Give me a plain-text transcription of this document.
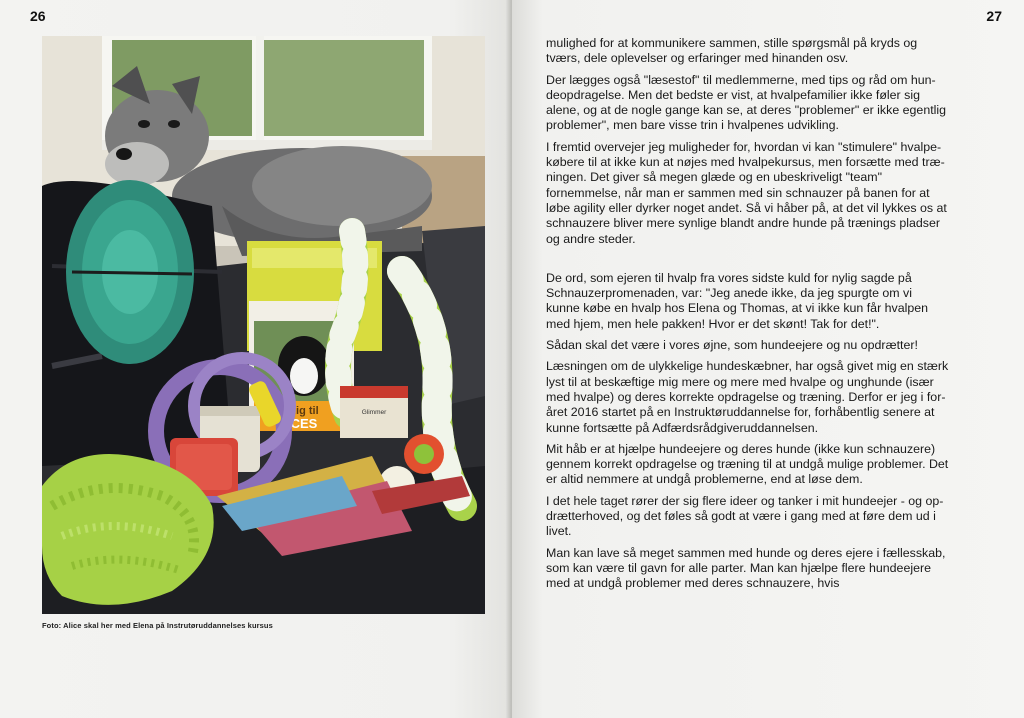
26
dig til
CES
Glimmer
Foto: Alice skal her med Elena på Instrutøruddannelses kursus
27

mulighed for at kommunikere sammen, stille spørgsmål på kryds og
tværs, dele oplevelser og erfaringer med hinanden osv.

Der lægges også "læsestof" til medlemmerne, med tips og råd om hun-
deopdragelse. Men det bedste er vist, at hvalpefamilier ikke føler sig
alene, og at de nogle gange kan se, at deres "problemer" er ikke egentlig
problemer", men bare visse trin i hvalpenes udvikling.

I fremtid overvejer jeg muligheder for, hvordan vi kan "stimulere" hvalpe-
købere til at ikke kun at nøjes med hvalpekursus, men forsætte med træ-
ningen. Det giver så megen glæde og en ubeskriveligt "team"
fornemmelse, når man er sammen med sin schnauzer på banen for at
løbe agility eller dyrker noget andet. Så vi håber på, at det vil lykkes os at
schnauzere bliver mere synlige blandt andre hunde på trænings pladser
og andre steder.

De ord, som ejeren til hvalp fra vores sidste kuld for nylig sagde på
Schnauzerpromenaden, var: "Jeg anede ikke, da jeg spurgte om vi
kunne købe en hvalp hos Elena og Thomas, at vi ikke kun får hvalpen
med hjem, men hele pakken! Hvor er det skønt! Tak for det!".

Sådan skal det være i vores øjne, som hundeejere og nu opdrætter!

Læsningen om de ulykkelige hundeskæbner, har også givet mig en stærk
lyst til at beskæftige mig mere og mere med hvalpe og unghunde (især
med hvalpe) og deres korrekte opdragelse og træning. Derfor er jeg i for-
året 2016 startet på en Instruktøruddannelse for, forhåbentlig senere at
kunne fortsætte på Adfærdsrådgiveruddannelsen.

Mit håb er at hjælpe hundeejere og deres hunde (ikke kun schnauzere)
gennem korrekt opdragelse og træning til at undgå mulige problemer. Det
er altid nemmere at undgå problemerne, end at løse dem.

I det hele taget rører der sig flere ideer og tanker i mit hundeejer - og op-
drætterhoved, og det føles så godt at være i gang med at føre dem ud i
livet.

Man kan lave så meget sammen med hunde og deres ejere i fællesskab,
som kan være til gavn for alle parter. Man kan hjælpe flere hundeejere
med at undgå problemer med deres schnauzere, hvis
